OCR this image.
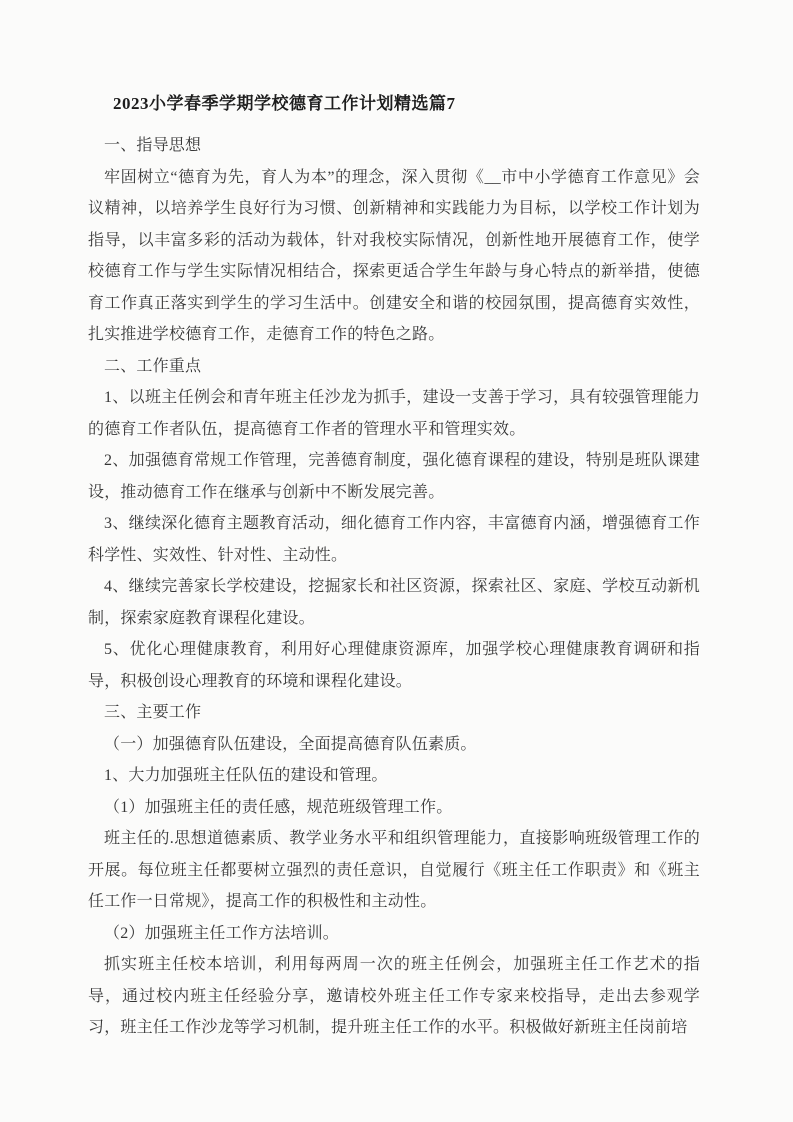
2023小学春季学期学校德育工作计划精选篇7

一、指导思想

牢固树立“德育为先，育人为本”的理念，深入贯彻《__市中小学德育工作意见》会议精神，以培养学生良好行为习惯、创新精神和实践能力为目标，以学校工作计划为指导，以丰富多彩的活动为载体，针对我校实际情况，创新性地开展德育工作，使学校德育工作与学生实际情况相结合，探索更适合学生年龄与身心特点的新举措，使德育工作真正落实到学生的学习生活中。创建安全和谐的校园氛围，提高德育实效性，扎实推进学校德育工作，走德育工作的特色之路。

二、工作重点

1、以班主任例会和青年班主任沙龙为抓手，建设一支善于学习，具有较强管理能力的德育工作者队伍，提高德育工作者的管理水平和管理实效。

2、加强德育常规工作管理，完善德育制度，强化德育课程的建设，特别是班队课建设，推动德育工作在继承与创新中不断发展完善。

3、继续深化德育主题教育活动，细化德育工作内容，丰富德育内涵，增强德育工作科学性、实效性、针对性、主动性。

4、继续完善家长学校建设，挖掘家长和社区资源，探索社区、家庭、学校互动新机制，探索家庭教育课程化建设。

5、优化心理健康教育，利用好心理健康资源库，加强学校心理健康教育调研和指导，积极创设心理教育的环境和课程化建设。

三、主要工作

（一）加强德育队伍建设，全面提高德育队伍素质。

1、大力加强班主任队伍的建设和管理。

（1）加强班主任的责任感，规范班级管理工作。

班主任的.思想道德素质、教学业务水平和组织管理能力，直接影响班级管理工作的开展。每位班主任都要树立强烈的责任意识，自觉履行《班主任工作职责》和《班主任工作一日常规》，提高工作的积极性和主动性。

（2）加强班主任工作方法培训。

抓实班主任校本培训，利用每两周一次的班主任例会，加强班主任工作艺术的指导，通过校内班主任经验分享，邀请校外班主任工作专家来校指导，走出去参观学习，班主任工作沙龙等学习机制，提升班主任工作的水平。积极做好新班主任岗前培
